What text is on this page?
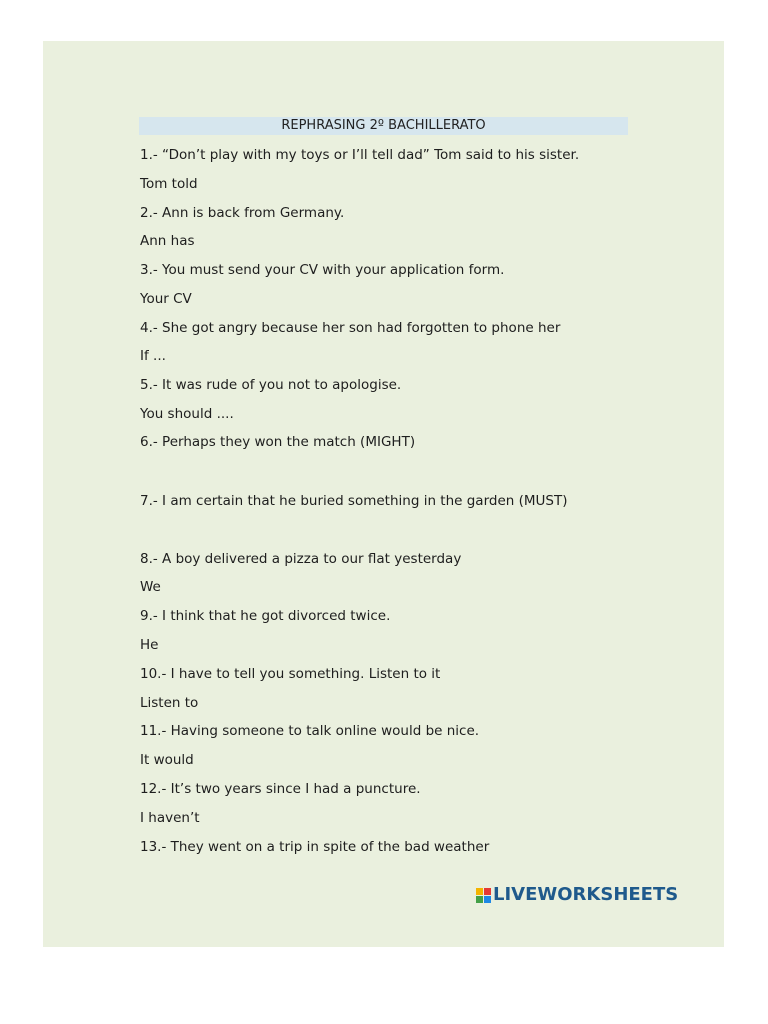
REPHRASING 2º BACHILLERATO
1.- “Don’t play with my toys or I’ll tell dad” Tom said to his sister.
Tom told
2.- Ann is back from Germany.
Ann has
3.- You must send your CV with your application form.
Your CV
4.- She got angry because her son had forgotten to phone her
If ...
5.- It was rude of you not to apologise.
You should ....
6.- Perhaps they won the match (MIGHT)
7.- I am certain that he buried something in the garden (MUST)
8.- A boy delivered a pizza to our flat yesterday
We
9.- I think that he got divorced twice.
He
10.- I have to tell you something. Listen to it
Listen to
11.- Having someone to talk online would be nice.
It would
12.- It’s two years since I had a puncture.
I haven’t
13.- They went on a trip in spite of the bad weather
LIVEWORKSHEETS
